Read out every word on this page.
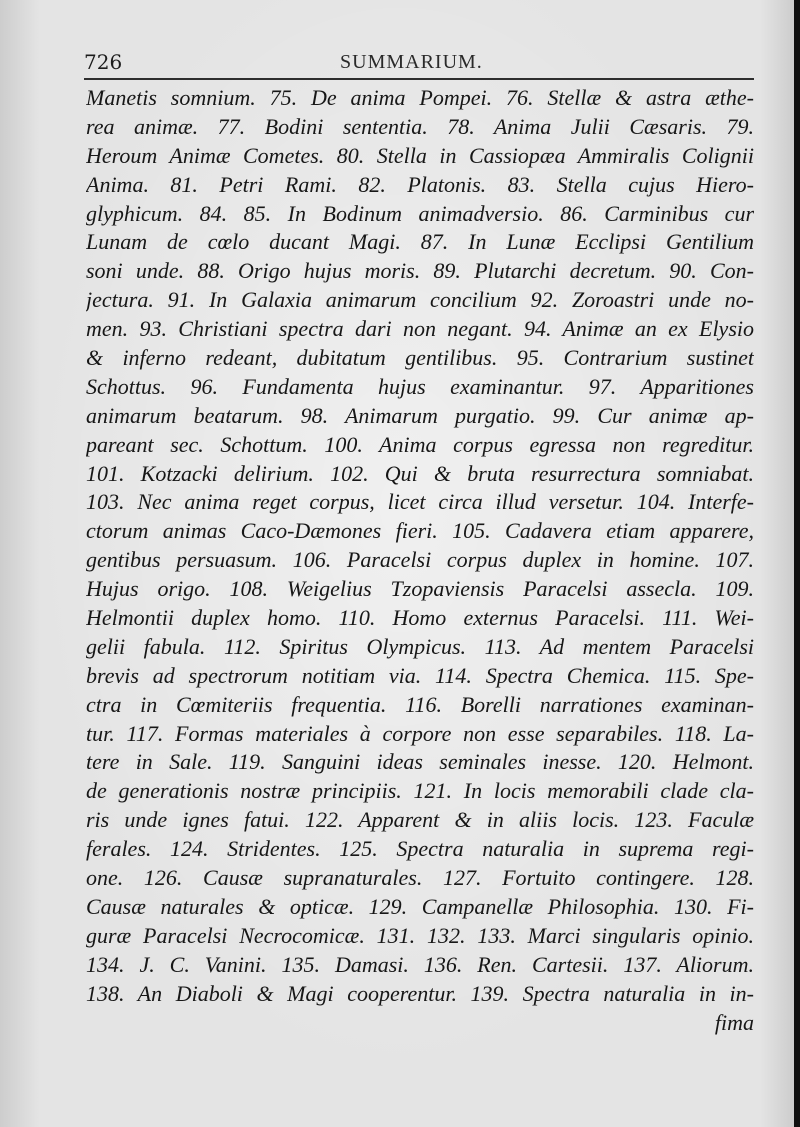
726	SUMMARIUM.
Manetis somnium. 75. De anima Pompei. 76. Stellæ & astra æthe-
rea animæ. 77. Bodini sententia. 78. Anima Julii Cæsaris. 79.
Heroum Animæ Cometes. 80. Stella in Cassiopæa Ammiralis Colignii
Anima. 81. Petri Rami. 82. Platonis. 83. Stella cujus Hiero-
glyphicum. 84. 85. In Bodinum animadversio. 86. Carminibus cur
Lunam de cœlo ducant Magi. 87. In Lunæ Ecclipsi Gentilium
soni unde. 88. Origo hujus moris. 89. Plutarchi decretum. 90. Con-
jectura. 91. In Galaxia animarum concilium 92. Zoroastri unde no-
men. 93. Christiani spectra dari non negant. 94. Animæ an ex Elysio
& inferno redeant, dubitatum gentilibus. 95. Contrarium sustinet
Schottus. 96. Fundamenta hujus examinantur. 97. Apparitiones
animarum beatarum. 98. Animarum purgatio. 99. Cur animæ ap-
pareant sec. Schottum. 100. Anima corpus egressa non regreditur.
101. Kotzacki delirium. 102. Qui & bruta resurrectura somniabat.
103. Nec anima reget corpus, licet circa illud versetur. 104. Interfe-
ctorum animas Caco-Dæmones fieri. 105. Cadavera etiam apparere,
gentibus persuasum. 106. Paracelsi corpus duplex in homine. 107.
Hujus origo. 108. Weigelius Tzopaviensis Paracelsi assecla. 109.
Helmontii duplex homo. 110. Homo externus Paracelsi. 111. Wei-
gelii fabula. 112. Spiritus Olympicus. 113. Ad mentem Paracelsi
brevis ad spectrorum notitiam via. 114. Spectra Chemica. 115. Spe-
ctra in Cœmiteriis frequentia. 116. Borelli narrationes examinan-
tur. 117. Formas materiales à corpore non esse separabiles. 118. La-
tere in Sale. 119. Sanguini ideas seminales inesse. 120. Helmont.
de generationis nostræ principiis. 121. In locis memorabili clade cla-
ris unde ignes fatui. 122. Apparent & in aliis locis. 123. Faculæ
ferales. 124. Stridentes. 125. Spectra naturalia in suprema regi-
one. 126. Causæ supranaturales. 127. Fortuito contingere. 128.
Causæ naturales & opticæ. 129. Campanellæ Philosophia. 130. Fi-
guræ Paracelsi Necrocomicæ. 131. 132. 133. Marci singularis opinio.
134. J. C. Vanini. 135. Damasi. 136. Ren. Cartesii. 137. Aliorum.
138. An Diaboli & Magi cooperentur. 139. Spectra naturalia in in-
fima
